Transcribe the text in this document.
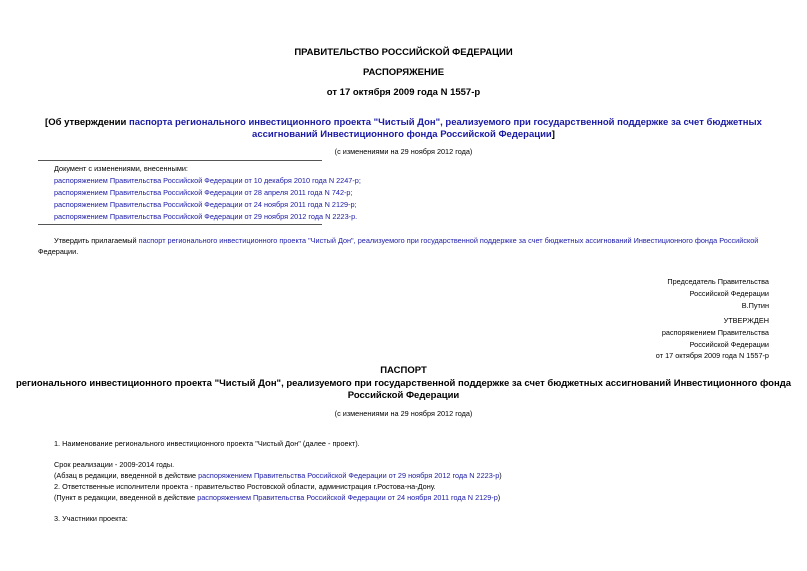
ПРАВИТЕЛЬСТВО РОССИЙСКОЙ ФЕДЕРАЦИИ
РАСПОРЯЖЕНИЕ
от 17 октября 2009 года N 1557-р
[Об утверждении паспорта регионального инвестиционного проекта "Чистый Дон", реализуемого при государственной поддержке за счет бюджетных
ассигнований Инвестиционного фонда Российской Федерации]
(с изменениями на 29 ноября 2012 года)
Документ с изменениями, внесенными:
распоряжением Правительства Российской Федерации от 10 декабря 2010 года N 2247-р;
распоряжением Правительства Российской Федерации от 28 апреля 2011 года N 742-р;
распоряжением Правительства Российской Федерации от 24 ноября 2011 года N 2129-р;
распоряжением Правительства Российской Федерации от 29 ноября 2012 года N 2223-р.
Утвердить прилагаемый паспорт регионального инвестиционного проекта "Чистый Дон", реализуемого при государственной поддержке за счет бюджетных ассигнований Инвестиционного фонда Российской
Федерации.
Председатель Правительства
Российской Федерации
В.Путин
УТВЕРЖДЕН
распоряжением Правительства
Российской Федерации
от 17 октября 2009 года N 1557-р
ПАСПОРТ
регионального инвестиционного проекта "Чистый Дон", реализуемого при государственной поддержке за счет бюджетных ассигнований Инвестиционного фонда
Российской Федерации
(с изменениями на 29 ноября 2012 года)
1. Наименование регионального инвестиционного проекта "Чистый Дон" (далее - проект).
Срок реализации - 2009-2014 годы.
(Абзац в редакции, введенной в действие распоряжением Правительства Российской Федерации от 29 ноября 2012 года N 2223-р)
2. Ответственные исполнители проекта - правительство Ростовской области, администрация г.Ростова-на-Дону.
(Пункт в редакции, введенной в действие распоряжением Правительства Российской Федерации от 24 ноября 2011 года N 2129-р)
3. Участники проекта:
